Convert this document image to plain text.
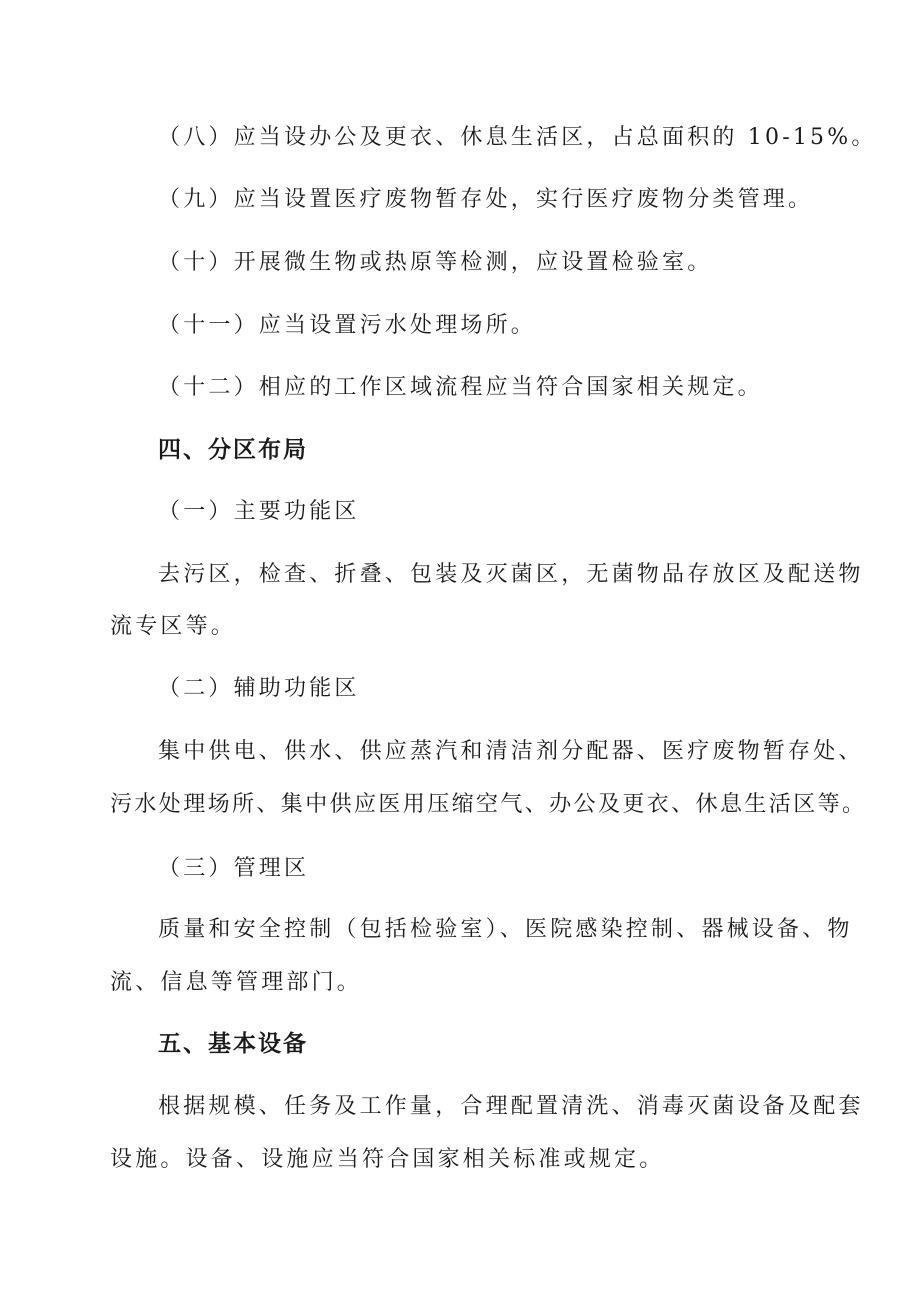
（八）应当设办公及更衣、休息生活区，占总面积的 10-15%。
（九）应当设置医疗废物暂存处，实行医疗废物分类管理。
（十）开展微生物或热原等检测，应设置检验室。
（十一）应当设置污水处理场所。
（十二）相应的工作区域流程应当符合国家相关规定。
四、分区布局
（一）主要功能区
去污区，检查、折叠、包装及灭菌区，无菌物品存放区及配送物
流专区等。
（二）辅助功能区
集中供电、供水、供应蒸汽和清洁剂分配器、医疗废物暂存处、
污水处理场所、集中供应医用压缩空气、办公及更衣、休息生活区等。
（三）管理区
质量和安全控制（包括检验室）、医院感染控制、器械设备、物
流、信息等管理部门。
五、基本设备
根据规模、任务及工作量，合理配置清洗、消毒灭菌设备及配套
设施。设备、设施应当符合国家相关标准或规定。
